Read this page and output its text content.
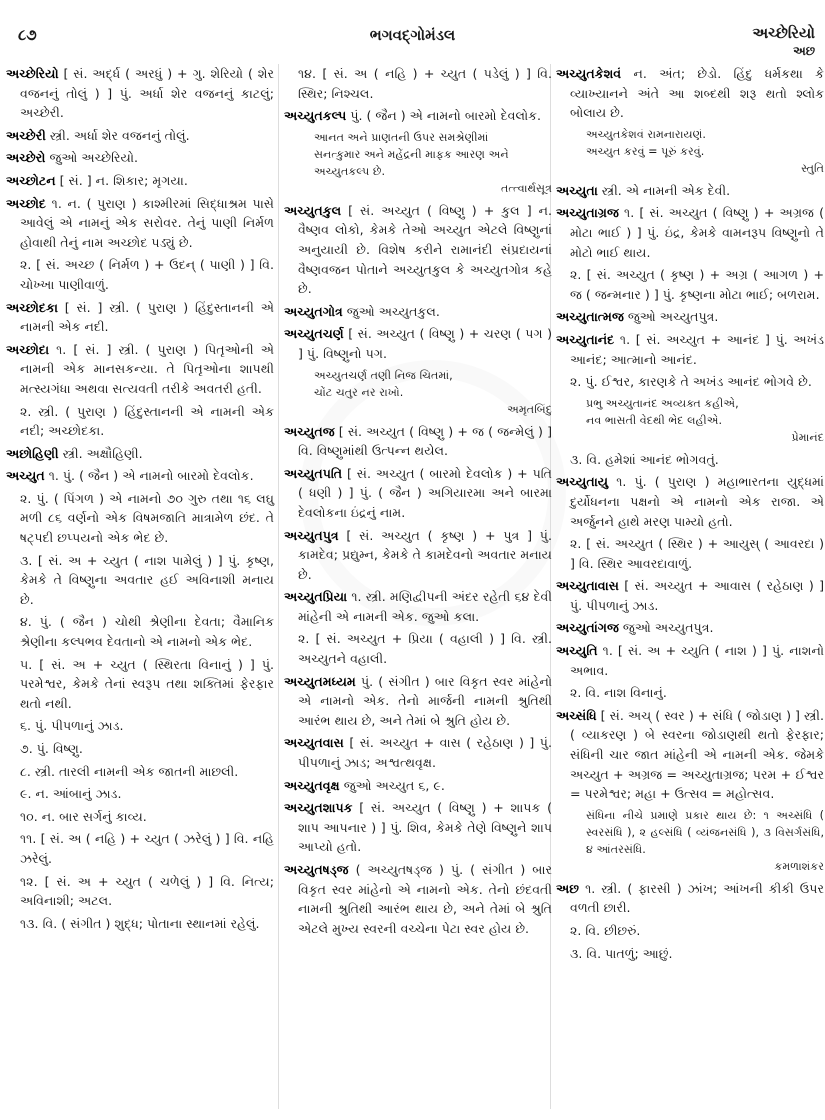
૮૭	ભગવદ્ગોમંડલ	અચ્છેરિયો
અછ
અચ્છેરિયો [ સં. અર્દ્ધ ( અરધું ) + ગુ. શેરિયો ( શેર વજનનું તોલું ) ] પું. અર્ધા શેર વજનનું કાટલું; અચ્છેરી.
અચ્છેરી સ્ત્રી. અર્ધા શેર વજનનું તોલું.
અચ્છેરો જુઓ અચ્છેરિયો.
અચ્છોટન [ સં. ] ન. શિકાર; મૃગયા.
અચ્છોદ ૧. ન. ( પુરાણ ) કાશ્મીરમાં સિદ્ધાશ્રમ પાસે આવેલું એ નામનું એક સરોવર. તેનું પાણી નિર્મળ હોવાથી તેનું નામ અચ્છોદ પડ્યું છે.
૨. [ સં. અચ્છ ( નિર્મળ ) + ઉદન્ ( પાણી ) ] વિ. ચોખ્ખા પાણીવાળું.
અચ્છોદકા [ સં. ] સ્ત્રી. ( પુરાણ ) હિંદુસ્તાનની એ નામની એક નદી.
અચ્છોદા ૧. [ સં. ] સ્ત્રી. ( પુરાણ ) પિતૃઓની એ નામની એક માનસકન્યા. તે પિતૃઓના શાપથી મત્સ્યગંધા અથવા સત્યવતી તરીકે અવતરી હતી.
૨. સ્ત્રી. ( પુરાણ ) હિંદુસ્તાનની એ નામની એક નદી; અચ્છોદકા.
અછોહિણી સ્ત્રી. અક્ષૌહિણી.
અચ્યુત ૧. પું. ( જૈન ) એ નામનો બારમો દેવલોક.
૨. પું. ( પિંગળ ) એ નામનો ૭૦ ગુરુ તથા ૧૬ લઘુ મળી ૮૬ વર્ણનો એક વિષમજાતિ માત્રામેળ છંદ. તે ષટ્પદી છપ્પયનો એક ભેદ છે.
૩. [ સં. અ + ચ્યુત ( નાશ પામેલું ) ] પું. કૃષ્ણ, કેમકે તે વિષ્ણુના અવતાર હઈ અવિનાશી મનાય છે.
૪. પું. ( જૈન ) ચોથી શ્રેણીના દેવતા; વૈમાનિક શ્રેણીના કલ્પભવ દેવતાનો એ નામનો એક ભેદ.
૫. [ સં. અ + ચ્યુત ( સ્થિરતા વિનાનું ) ] પું. પરમેશ્વર, કેમકે તેનાં સ્વરૂપ તથા શક્તિમાં ફેરફાર થતો નથી.
૬. પું. પીપળાનું ઝાડ.
૭. પું. વિષ્ણુ.
૮. સ્ત્રી. તારલી નામની એક જાતની માછલી.
૯. ન. આંબાનું ઝાડ.
૧૦. ન. બાર સર્ગનું કાવ્ય.
૧૧. [ સં. અ ( નહિ ) + ચ્યુત ( ઝરેલું ) ] વિ. નહિ ઝરેલું.
૧૨. [ સં. અ + ચ્યુત ( ચળેલું ) ] વિ. નિત્ય; અવિનાશી; અટલ.
૧૩. વિ. ( સંગીત ) શુદ્ધ; પોતાના સ્થાનમાં રહેલું.
૧૪. [ સં. અ ( નહિ ) + ચ્યુત ( પડેલું ) ] વિ. સ્થિર; નિશ્ચલ.
અચ્યુતકલ્પ પું. ( જૈન ) એ નામનો બારમો દેવલોક.
આનત અને પ્રાણતની ઉપર સમશ્રેણીમાં
સનત્કુમાર અને મહેંદ્રની માફક આરણ અને
અચ્યુતકલ્પ છે.
તત્ત્વાર્થસૂત્ર
અચ્યુતકુલ [ સં. અચ્યુત ( વિષ્ણુ ) + કુલ ] ન. વૈષ્ણવ લોકો, કેમકે તેઓ અચ્યુત એટલે વિષ્ણુનાં અનુયાયી છે. વિશેષ કરીને રામાનંદી સંપ્રદાયનાં વૈષ્ણવજન પોતાને અચ્યુતકુલ કે અચ્યુતગોત્ર કહે છે.
અચ્યુતગોત્ર જુઓ અચ્યુતકુલ.
અચ્યુતચર્ણ [ સં. અચ્યુત ( વિષ્ણુ ) + ચરણ ( પગ ) ] પું. વિષ્ણુનો પગ.
અચ્યુતચર્ણ તણી નિજ ચિતમાં,
ચોંટ ચતુર નર રાખો.
અમૃતબિંદુ
અચ્યુતજ [ સં. અચ્યુત ( વિષ્ણુ ) + જ ( જન્મેલું ) ] વિ. વિષ્ણુમાંથી ઉત્પન્ન થયેલ.
અચ્યુતપતિ [ સં. અચ્યુત ( બારમો દેવલોક ) + પતિ ( ધણી ) ] પું. ( જૈન ) અગિયારમા અને બારમા દેવલોકના ઇંદ્રનું નામ.
અચ્યુતપુત્ર [ સં. અચ્યુત ( કૃષ્ણ ) + પુત્ર ] પું. કામદેવ; પ્રદ્યુમ્ન, કેમકે તે કામદેવનો અવતાર મનાય છે.
અચ્યુતપ્રિયા ૧. સ્ત્રી. મણિદ્વીપની અંદર રહેતી ૬૪ દેવી માંહેની એ નામની એક. જુઓ કલા.
૨. [ સં. અચ્યુત + પ્રિયા ( વહાલી ) ] વિ. સ્ત્રી. અચ્યુતને વહાલી.
અચ્યુતમધ્યમ પું. ( સંગીત ) બાર વિકૃત સ્વર માંહેનો એ નામનો એક. તેનો માર્જની નામની શ્રુતિથી આરંભ થાય છે, અને તેમાં બે શ્રુતિ હોય છે.
અચ્યુતવાસ [ સં. અચ્યુત + વાસ ( રહેઠાણ ) ] પું. પીપળાનું ઝાડ; અશ્વત્થવૃક્ષ.
અચ્યુતવૃક્ષ જુઓ અચ્યુત ૬, ૯.
અચ્યુતશાપક [ સં. અચ્યુત ( વિષ્ણુ ) + શાપક ( શાપ આપનાર ) ] પું. શિવ, કેમકે તેણે વિષ્ણુને શાપ આપ્યો હતો.
અચ્યુતષડ્જ ( અચ્યુતષડ્જ ) પું. ( સંગીત ) બાર વિકૃત સ્વર માંહેનો એ નામનો એક. તેનો છંદવતી નામની શ્રુતિથી આરંભ થાય છે, અને તેમાં બે શ્રુતિ એટલે મુખ્ય સ્વરની વચ્ચેના પેટા સ્વર હોય છે.
અચ્યુતકેશવં ન. અંત; છેડો. હિંદુ ધર્મકથા કે વ્યાખ્યાનને અંતે આ શબ્દથી શરૂ થતો શ્લોક બોલાય છે.
અચ્યુતકેશવં રામનારાયણં.
અચ્યુત કરવું = પૂરું કરવું.
સ્તુતિ
અચ્યુતા સ્ત્રી. એ નામની એક દેવી.
અચ્યુતાગ્રજ ૧. [ સં. અચ્યુત ( વિષ્ણુ ) + અગ્રજ ( મોટા ભાઈ ) ] પું. ઇંદ્ર, કેમકે વામનરૂપ વિષ્ણુનો તે મોટો ભાઈ થાય.
૨. [ સં. અચ્યુત ( કૃષ્ણ ) + અગ્ર ( આગળ ) + જ ( જન્મનાર ) ] પું. કૃષ્ણના મોટા ભાઈ; બળરામ.
અચ્યુતાત્મજ જુઓ અચ્યુતપુત્ર.
અચ્યુતાનંદ ૧. [ સં. અચ્યુત + આનંદ ] પું. અખંડ આનંદ; આત્માનો આનંદ.
૨. પું. ઈશ્વર, કારણકે તે અખંડ આનંદ ભોગવે છે.
પ્રભુ અચ્યુતાનંદ અવ્યક્ત કહીએ,
નવ ભાસતી વેદથી ભેદ લહીએ.
પ્રેમાનંદ
૩. વિ. હમેશાં આનંદ ભોગવતું.
અચ્યુતાયુ ૧. પું. ( પુરાણ ) મહાભારતના યુદ્ધમાં દુર્યોધનના પક્ષનો એ નામનો એક રાજા. એ અર્જુનને હાથે મરણ પામ્યો હતો.
૨. [ સં. અચ્યુત ( સ્થિર ) + આયુસ્ ( આવરદા ) ] વિ. સ્થિર આવરદાવાળું.
અચ્યુતાવાસ [ સં. અચ્યુત + આવાસ ( રહેઠાણ ) ] પું. પીપળાનું ઝાડ.
અચ્યુતાંગજ જુઓ અચ્યુતપુત્ર.
અચ્યુતિ ૧. [ સં. અ + ચ્યુતિ ( નાશ ) ] પું. નાશનો અભાવ.
૨. વિ. નાશ વિનાનું.
અચ્સંધિ [ સં. અચ્ ( સ્વર ) + સંધિ ( જોડાણ ) ] સ્ત્રી. ( વ્યાકરણ ) બે સ્વરના જોડાણથી થતો ફેરફાર; સંધિની ચાર જાત માંહેની એ નામની એક. જેમકે અચ્યુત + અગ્રજ = અચ્યુતાગ્રજ; પરમ + ઈશ્વર = પરમેશ્વર; મહા + ઉત્સવ = મહોત્સવ.
સંધિના નીચે પ્રમાણે પ્રકાર થાય છે: ૧ અચ્સંધિ ( સ્વરસંધિ ), ૨ હલ્સંધિ ( વ્યંજનસંધિ ), ૩ વિસર્ગસંધિ, ૪ આંતરસંધિ.
કમળાશંકર
અછ ૧. સ્ત્રી. ( ફારસી ) ઝાંખ; આંખની કીકી ઉપર વળતી છારી.
૨. વિ. છીછરું.
૩. વિ. પાતળું; આછું.
